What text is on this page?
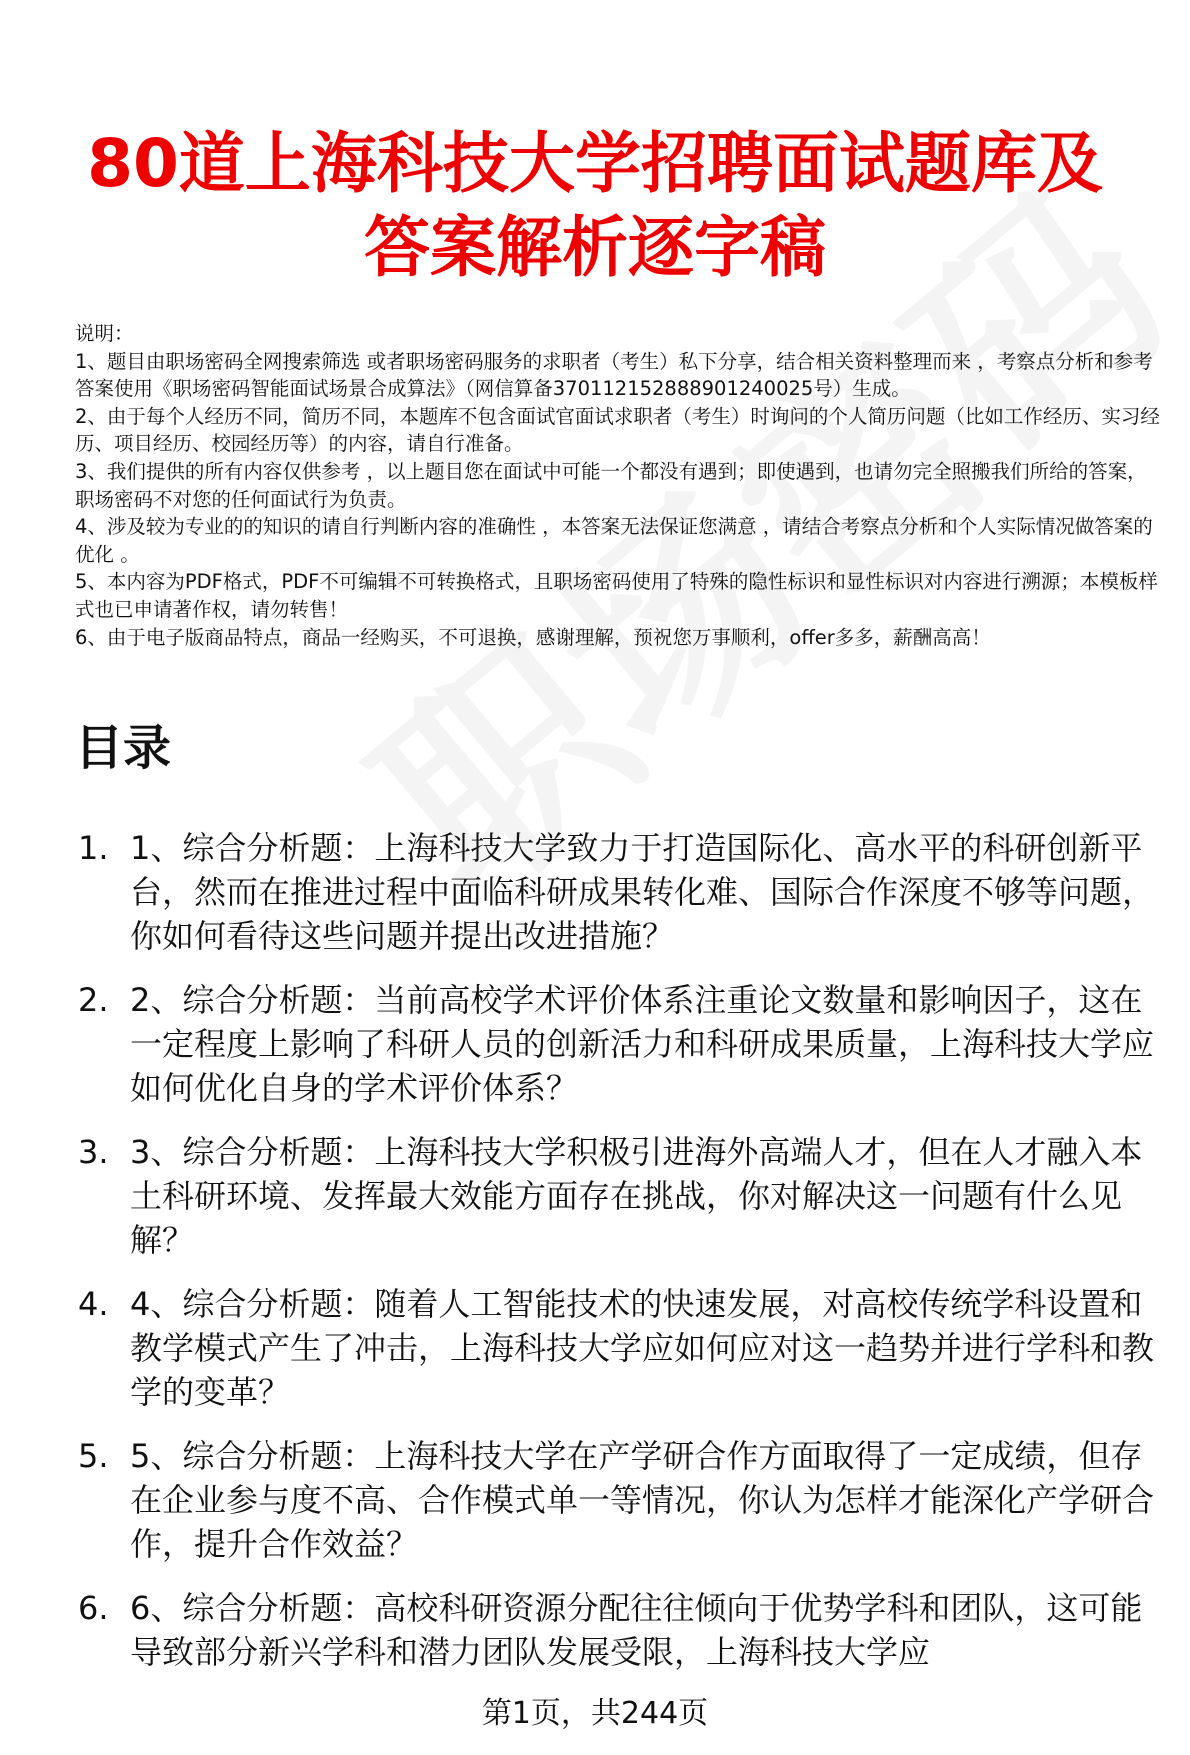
80道上海科技大学招聘面试题库及
答案解析逐字稿

说明：

1、题目由职场密码全网搜索筛选 或者职场密码服务的求职者（考生）私下分享，结合相关资料整理而来 ，考察点分析和参考答案使用《职场密码智能面试场景合成算法》（网信算备370112152888901240025号）生成。

2、由于每个人经历不同，简历不同，本题库不包含面试官面试求职者（考生）时询问的个人简历问题（比如工作经历、实习经历、项目经历、校园经历等）的内容，请自行准备。

3、我们提供的所有内容仅供参考 ，以上题目您在面试中可能一个都没有遇到；即使遇到，也请勿完全照搬我们所给的答案，职场密码不对您的任何面试行为负责。

4、涉及较为专业的的知识的请自行判断内容的准确性 ，本答案无法保证您满意 ，请结合考察点分析和个人实际情况做答案的优化 。

5、本内容为PDF格式，PDF不可编辑不可转换格式，且职场密码使用了特殊的隐性标识和显性标识对内容进行溯源；本模板样式也已申请著作权，请勿转售！

6、由于电子版商品特点，商品一经购买，不可退换，感谢理解，预祝您万事顺利，offer多多，薪酬高高！

目录
1. 1、综合分析题：上海科技大学致力于打造国际化、高水平的科研创新平台，然而在推进过程中面临科研成果转化难、国际合作深度不够等问题，你如何看待这些问题并提出改进措施？
2. 2、综合分析题：当前高校学术评价体系注重论文数量和影响因子，这在一定程度上影响了科研人员的创新活力和科研成果质量，上海科技大学应如何优化自身的学术评价体系？
3. 3、综合分析题：上海科技大学积极引进海外高端人才，但在人才融入本土科研环境、发挥最大效能方面存在挑战，你对解决这一问题有什么见解？
4. 4、综合分析题：随着人工智能技术的快速发展，对高校传统学科设置和教学模式产生了冲击，上海科技大学应如何应对这一趋势并进行学科和教学的变革？
5. 5、综合分析题：上海科技大学在产学研合作方面取得了一定成绩，但存在企业参与度不高、合作模式单一等情况，你认为怎样才能深化产学研合作，提升合作效益？
6. 6、综合分析题：高校科研资源分配往往倾向于优势学科和团队，这可能导致部分新兴学科和潜力团队发展受限，上海科技大学应
第1页，共244页
